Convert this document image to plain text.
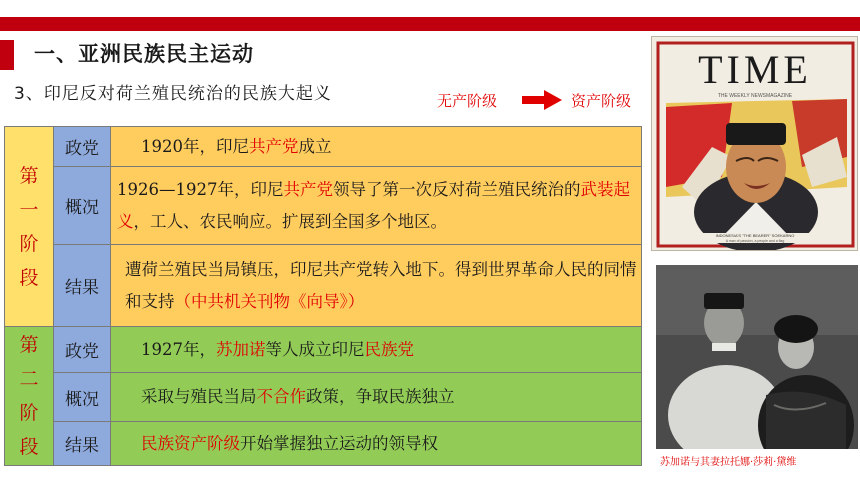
一、亚洲民族民主运动
3、印尼反对荷兰殖民统治的民族大起义	无产阶级	资产阶级
第
一
阶
段	政党	1920年，印尼共产党成立
	概况	1926—1927年，印尼共产党领导了第一次反对荷兰殖民统治的武装起义，工人、农民响应。扩展到全国多个地区。
	结果	遭荷兰殖民当局镇压，印尼共产党转入地下。得到世界革命人民的同情和支持（中共机关刊物《向导》）

第
二
阶
段	政党	1927年，苏加诺等人成立印尼民族党
	概况	采取与殖民当局不合作政策，争取民族独立
	结果	民族资产阶级开始掌握独立运动的领导权
TIME
THE WEEKLY NEWSMAGAZINE
INDONESIA'S "THE BEARER" SOEKARNO
A man of passion, a people and a flag
苏加诺与其妻拉托娜·莎莉·黛维
